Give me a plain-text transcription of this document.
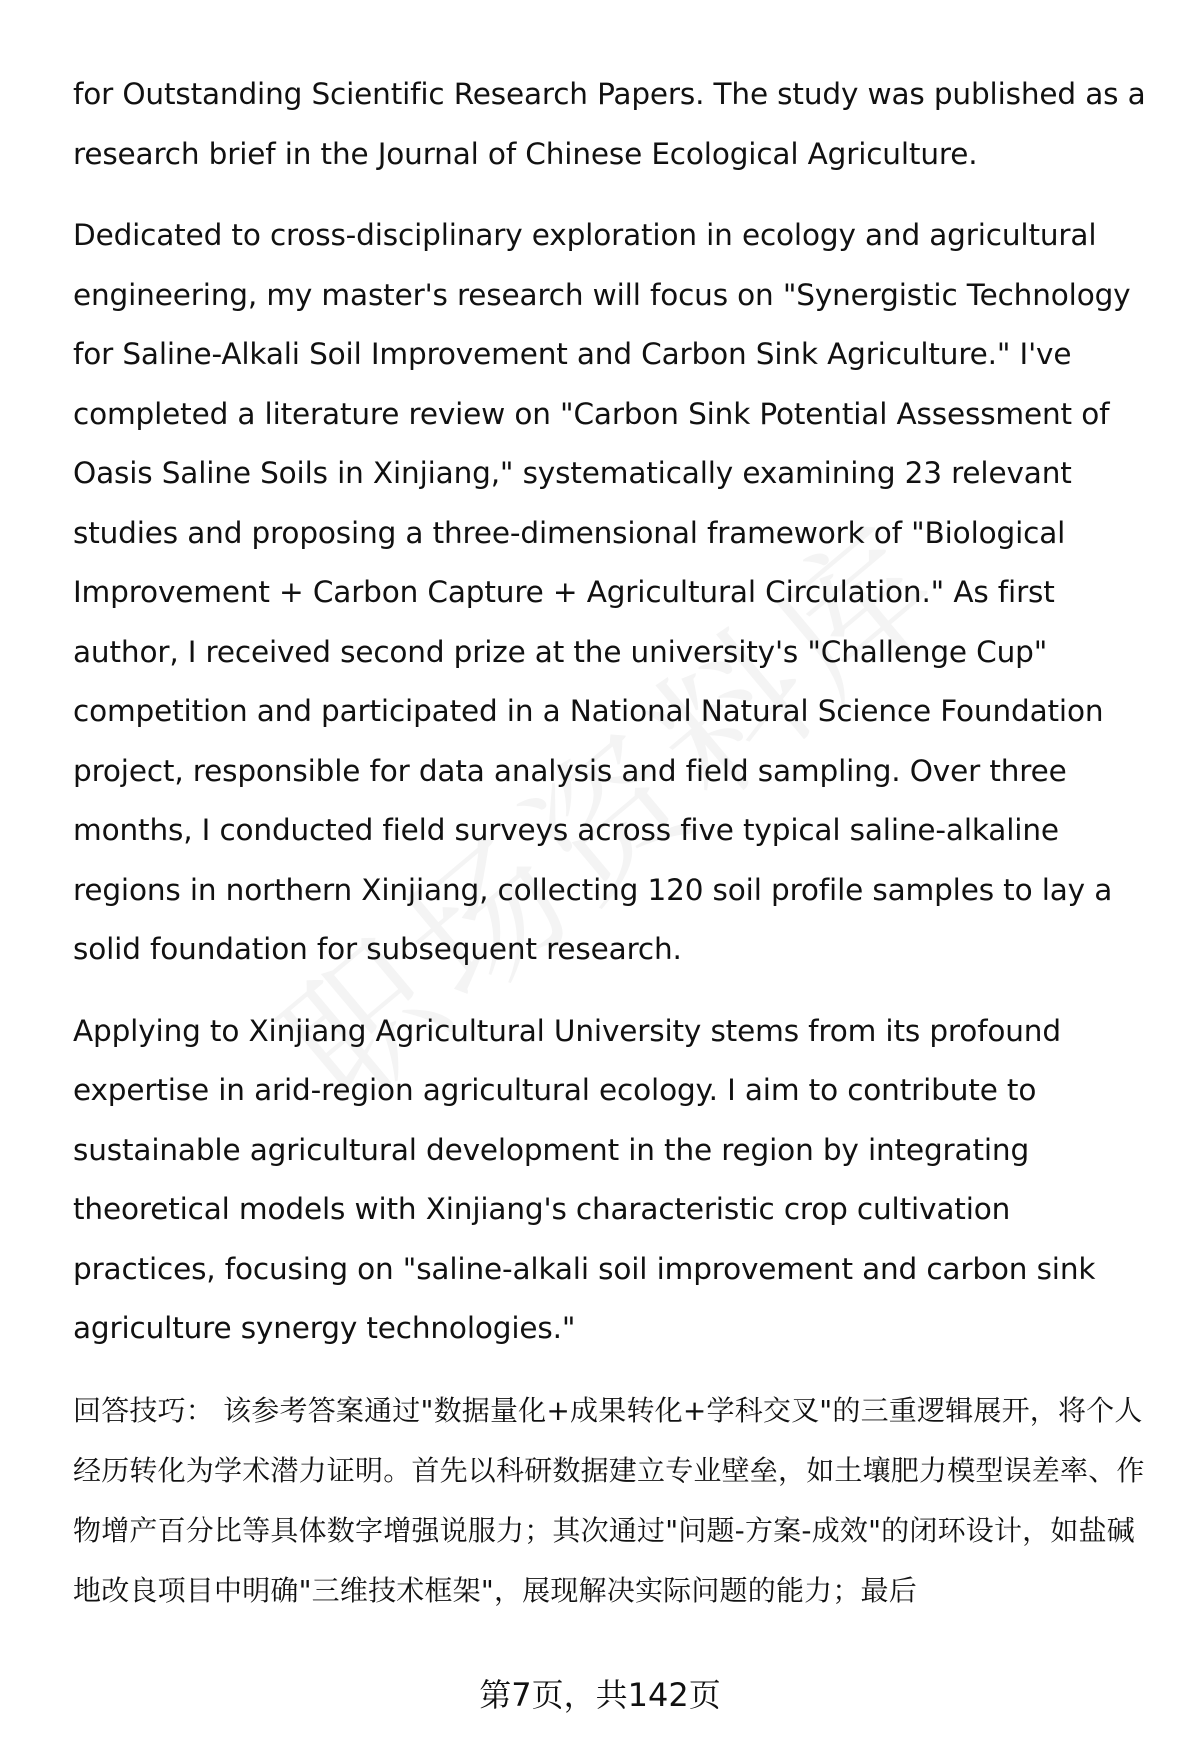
for Outstanding Scientific Research Papers. The study was published as a research brief in the Journal of Chinese Ecological Agriculture.

Dedicated to cross-disciplinary exploration in ecology and agricultural engineering, my master's research will focus on "Synergistic Technology for Saline-Alkali Soil Improvement and Carbon Sink Agriculture." I've completed a literature review on "Carbon Sink Potential Assessment of Oasis Saline Soils in Xinjiang," systematically examining 23 relevant studies and proposing a three-dimensional framework of "Biological Improvement + Carbon Capture + Agricultural Circulation." As first author, I received second prize at the university's "Challenge Cup" competition and participated in a National Natural Science Foundation project, responsible for data analysis and field sampling. Over three months, I conducted field surveys across five typical saline-alkaline regions in northern Xinjiang, collecting 120 soil profile samples to lay a solid foundation for subsequent research.

Applying to Xinjiang Agricultural University stems from its profound expertise in arid-region agricultural ecology. I aim to contribute to sustainable agricultural development in the region by integrating theoretical models with Xinjiang's characteristic crop cultivation practices, focusing on "saline-alkali soil improvement and carbon sink agriculture synergy technologies."

回答技巧： 该参考答案通过"数据量化+成果转化+学科交叉"的三重逻辑展开，将个人经历转化为学术潜力证明。首先以科研数据建立专业壁垒，如土壤肥力模型误差率、作物增产百分比等具体数字增强说服力；其次通过"问题-方案-成效"的闭环设计，如盐碱地改良项目中明确"三维技术框架"，展现解决实际问题的能力；最后

第7页，共142页
